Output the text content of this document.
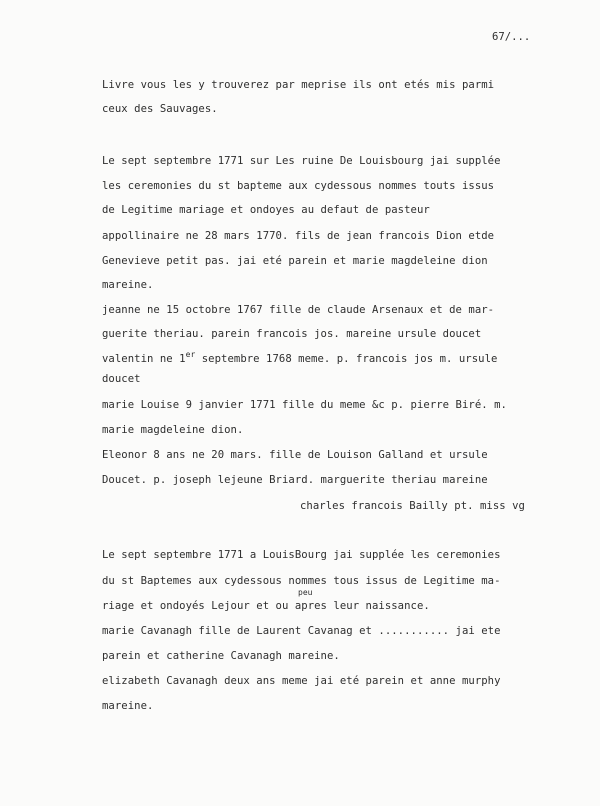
67/...
Livre vous les y trouverez par meprise ils ont etés mis parmi
ceux des Sauvages.
Le sept septembre 1771 sur Les ruine De Louisbourg jai supplée
les ceremonies du st bapteme aux cydessous nommes touts issus
de Legitime mariage et ondoyes au defaut de pasteur
appollinaire ne 28 mars 1770. fils de jean francois Dion etde
Genevieve petit pas. jai eté parein et marie magdeleine dion
mareine.
jeanne ne 15 octobre 1767 fille de claude Arsenaux et de mar-
guerite theriau. parein francois jos. mareine ursule doucet
valentin ne 1er septembre 1768 meme. p. francois jos m. ursule
doucet
marie Louise 9 janvier 1771 fille du meme &c p. pierre Biré. m.
marie magdeleine dion.
Eleonor 8 ans ne 20 mars. fille de Louison Galland et ursule
Doucet. p. joseph lejeune Briard. marguerite theriau mareine
charles francois Bailly pt. miss vg
Le sept septembre 1771 a LouisBourg jai supplée les ceremonies
du st Baptemes aux cydessous nommes tous issus de Legitime ma-
peu
riage et ondoyés Lejour et ou apres leur naissance.
marie Cavanagh fille de Laurent Cavanag et ........... jai ete
parein et catherine Cavanagh mareine.
elizabeth Cavanagh deux ans meme jai eté parein et anne murphy
mareine.
